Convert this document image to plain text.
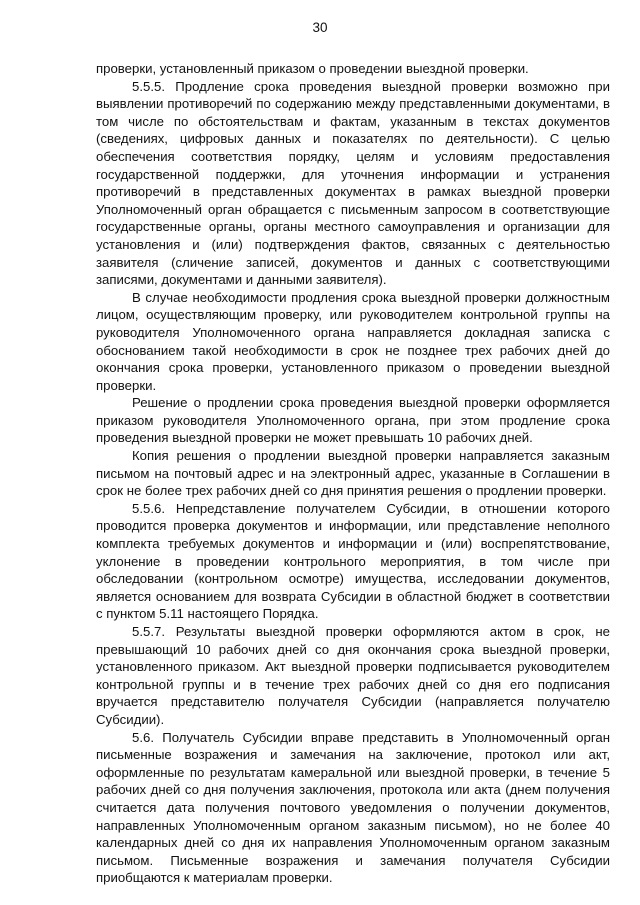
30

проверки, установленный приказом о проведении выездной проверки.

5.5.5. Продление срока проведения выездной проверки возможно при выявлении противоречий по содержанию между представленными документами, в том числе по обстоятельствам и фактам, указанным в текстах документов (сведениях, цифровых данных и показателях по деятельности). С целью обеспечения соответствия порядку, целям и условиям предоставления государственной поддержки, для уточнения информации и устранения противоречий в представленных документах в рамках выездной проверки Уполномоченный орган обращается с письменным запросом в соответствующие государственные органы, органы местного самоуправления и организации для установления и (или) подтверждения фактов, связанных с деятельностью заявителя (сличение записей, документов и данных с соответствующими записями, документами и данными заявителя).

В случае необходимости продления срока выездной проверки должностным лицом, осуществляющим проверку, или руководителем контрольной группы на руководителя Уполномоченного органа направляется докладная записка с обоснованием такой необходимости в срок не позднее трех рабочих дней до окончания срока проверки, установленного приказом о проведении выездной проверки.

Решение о продлении срока проведения выездной проверки оформляется приказом руководителя Уполномоченного органа, при этом продление срока проведения выездной проверки не может превышать 10 рабочих дней.

Копия решения о продлении выездной проверки направляется заказным письмом на почтовый адрес и на электронный адрес, указанные в Соглашении в срок не более трех рабочих дней со дня принятия решения о продлении проверки.

5.5.6. Непредставление получателем Субсидии, в отношении которого проводится проверка документов и информации, или представление неполного комплекта требуемых документов и информации и (или) воспрепятствование, уклонение в проведении контрольного мероприятия, в том числе при обследовании (контрольном осмотре) имущества, исследовании документов, является основанием для возврата Субсидии в областной бюджет в соответствии с пунктом 5.11 настоящего Порядка.

5.5.7. Результаты выездной проверки оформляются актом в срок, не превышающий 10 рабочих дней со дня окончания срока выездной проверки, установленного приказом. Акт выездной проверки подписывается руководителем контрольной группы и в течение трех рабочих дней со дня его подписания вручается представителю получателя Субсидии (направляется получателю Субсидии).

5.6. Получатель Субсидии вправе представить в Уполномоченный орган письменные возражения и замечания на заключение, протокол или акт, оформленные по результатам камеральной или выездной проверки, в течение 5 рабочих дней со дня получения заключения, протокола или акта (днем получения считается дата получения почтового уведомления о получении документов, направленных Уполномоченным органом заказным письмом), но не более 40 календарных дней со дня их направления Уполномоченным органом заказным письмом. Письменные возражения и замечания получателя Субсидии приобщаются к материалам проверки.
